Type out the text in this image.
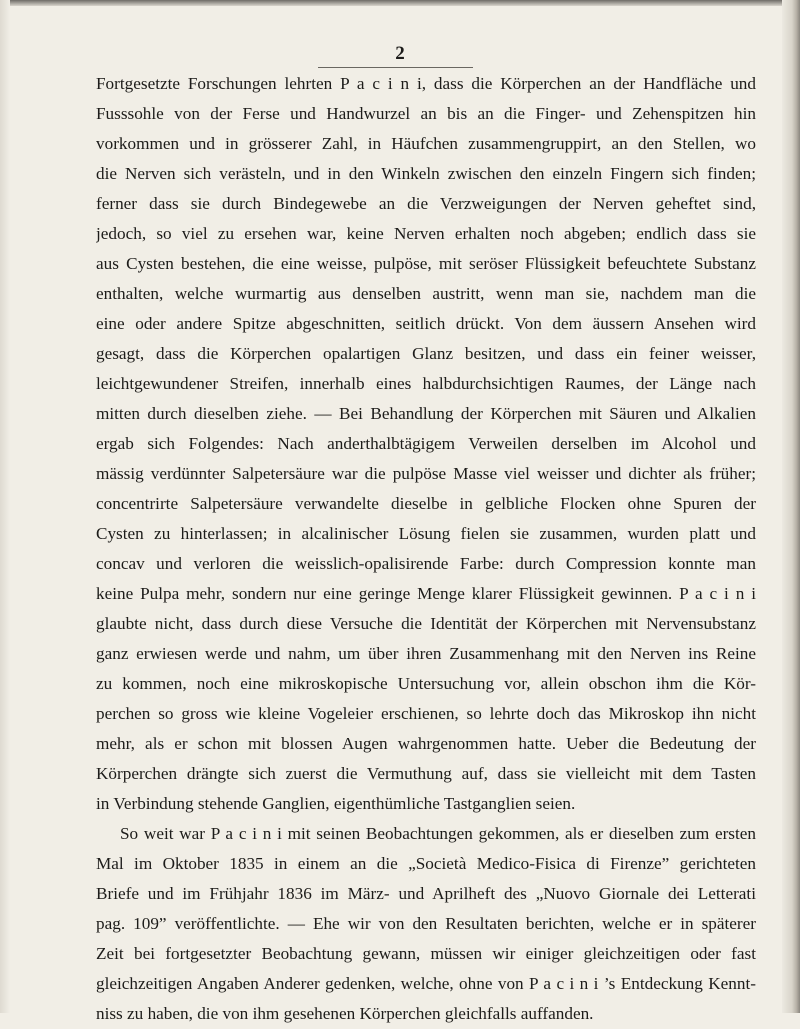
2
Fortgesetzte Forschungen lehrten P a c i n i, dass die Körperchen an der Handfläche und
Fusssohle von der Ferse und Handwurzel an bis an die Finger- und Zehenspitzen hin
vorkommen und in grösserer Zahl, in Häufchen zusammengruppirt, an den Stellen, wo
die Nerven sich verästeln, und in den Winkeln zwischen den einzeln Fingern sich finden;
ferner dass sie durch Bindegewebe an die Verzweigungen der Nerven geheftet sind,
jedoch, so viel zu ersehen war, keine Nerven erhalten noch abgeben; endlich dass sie
aus Cysten bestehen, die eine weisse, pulpöse, mit seröser Flüssigkeit befeuchtete Substanz
enthalten, welche wurmartig aus denselben austritt, wenn man sie, nachdem man die
eine oder andere Spitze abgeschnitten, seitlich drückt. Von dem äussern Ansehen wird
gesagt, dass die Körperchen opalartigen Glanz besitzen, und dass ein feiner weisser,
leichtgewundener Streifen, innerhalb eines halbdurchsichtigen Raumes, der Länge nach
mitten durch dieselben ziehe. — Bei Behandlung der Körperchen mit Säuren und Alkalien
ergab sich Folgendes: Nach anderthalbtägigem Verweilen derselben im Alcohol und
mässig verdünnter Salpetersäure war die pulpöse Masse viel weisser und dichter als früher;
concentrirte Salpetersäure verwandelte dieselbe in gelbliche Flocken ohne Spuren der
Cysten zu hinterlassen; in alcalinischer Lösung fielen sie zusammen, wurden platt und
concav und verloren die weisslich-opalisirende Farbe: durch Compression konnte man
keine Pulpa mehr, sondern nur eine geringe Menge klarer Flüssigkeit gewinnen. P a c i n i
glaubte nicht, dass durch diese Versuche die Identität der Körperchen mit Nervensubstanz
ganz erwiesen werde und nahm, um über ihren Zusammenhang mit den Nerven ins Reine
zu kommen, noch eine mikroskopische Untersuchung vor, allein obschon ihm die Kör-
perchen so gross wie kleine Vogeleier erschienen, so lehrte doch das Mikroskop ihn nicht
mehr, als er schon mit blossen Augen wahrgenommen hatte. Ueber die Bedeutung der
Körperchen drängte sich zuerst die Vermuthung auf, dass sie vielleicht mit dem Tasten
in Verbindung stehende Ganglien, eigenthümliche Tastganglien seien.
So weit war P a c i n i mit seinen Beobachtungen gekommen, als er dieselben zum ersten
Mal im Oktober 1835 in einem an die „Società Medico-Fisica di Firenze” gerichteten
Briefe und im Frühjahr 1836 im März- und Aprilheft des „Nuovo Giornale dei Letterati
pag. 109” veröffentlichte. — Ehe wir von den Resultaten berichten, welche er in späterer
Zeit bei fortgesetzter Beobachtung gewann, müssen wir einiger gleichzeitigen oder fast
gleichzeitigen Angaben Anderer gedenken, welche, ohne von P a c i n i ’s Entdeckung Kennt-
niss zu haben, die von ihm gesehenen Körperchen gleichfalls auffanden.
